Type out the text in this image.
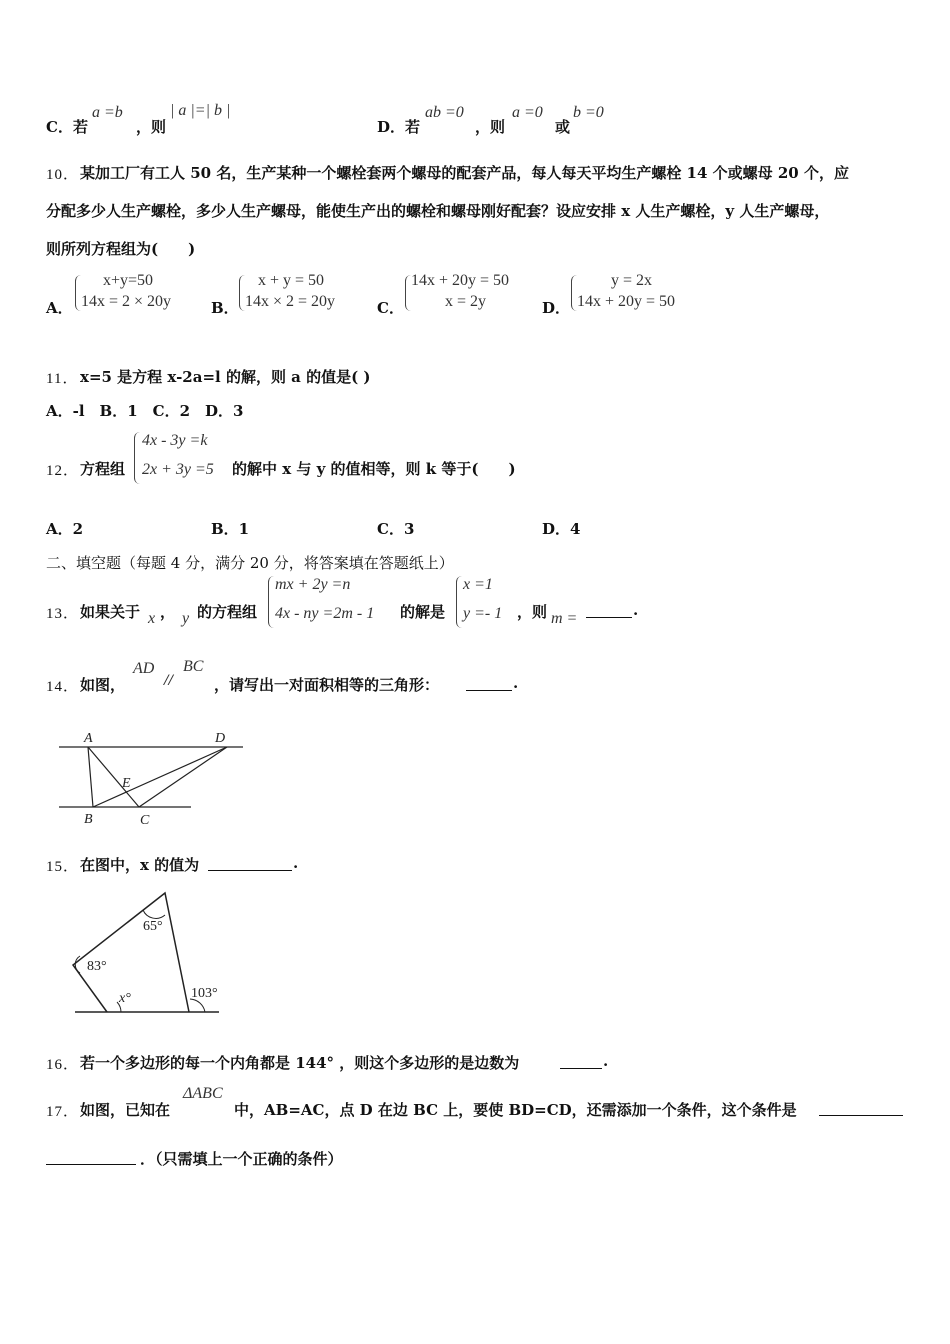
C．若
a =b
，则
| a |=| b |
D．若
ab =0
，则
a =0
或
b =0
10． 某加工厂有工人 50 名，生产某种一个螺栓套两个螺母的配套产品，每人每天平均生产螺栓 14 个或螺母 20 个，应
分配多少人生产螺栓，多少人生产螺母，能使生产出的螺栓和螺母刚好配套？设应安排 x 人生产螺栓，y 人生产螺母，
则所列方程组为(　　)
A．
x+y=50
14x = 2 × 20y	B．
x + y = 50
14x × 2 = 20y	C．
14x + 20y = 50
x = 2y	D．
y = 2x
14x + 20y = 50
11． x=5 是方程 x-2a=l 的解，则 a 的值是( )
A．-l　B．1　C．2　D．3
12． 方程组
4x - 3y =k
2x + 3y =5 的解中 x 与 y 的值相等，则 k 等于(　　)
A．2	B．1	C．3	D．4
二、填空题（每题 4 分，满分 20 分，将答案填在答题纸上）
13． 如果关于 x ， y 的方程组
mx + 2y =n
4x - ny =2m - 1 的解是
x =1
y =- 1 ，则 m =	.
14． 如图，
AD
//
BC
，请写出一对面积相等的三角形：	.
A	D
E
B	C
15． 在图中，x 的值为	.
65°
83°
x°	103°
16． 若一个多边形的每一个内角都是 144° ，则这个多边形的是边数为	.
17． 如图，已知在
ΔABC
中，AB=AC，点 D 在边 BC 上，要使 BD=CD，还需添加一个条件，这个条件是
．（只需填上一个正确的条件）
